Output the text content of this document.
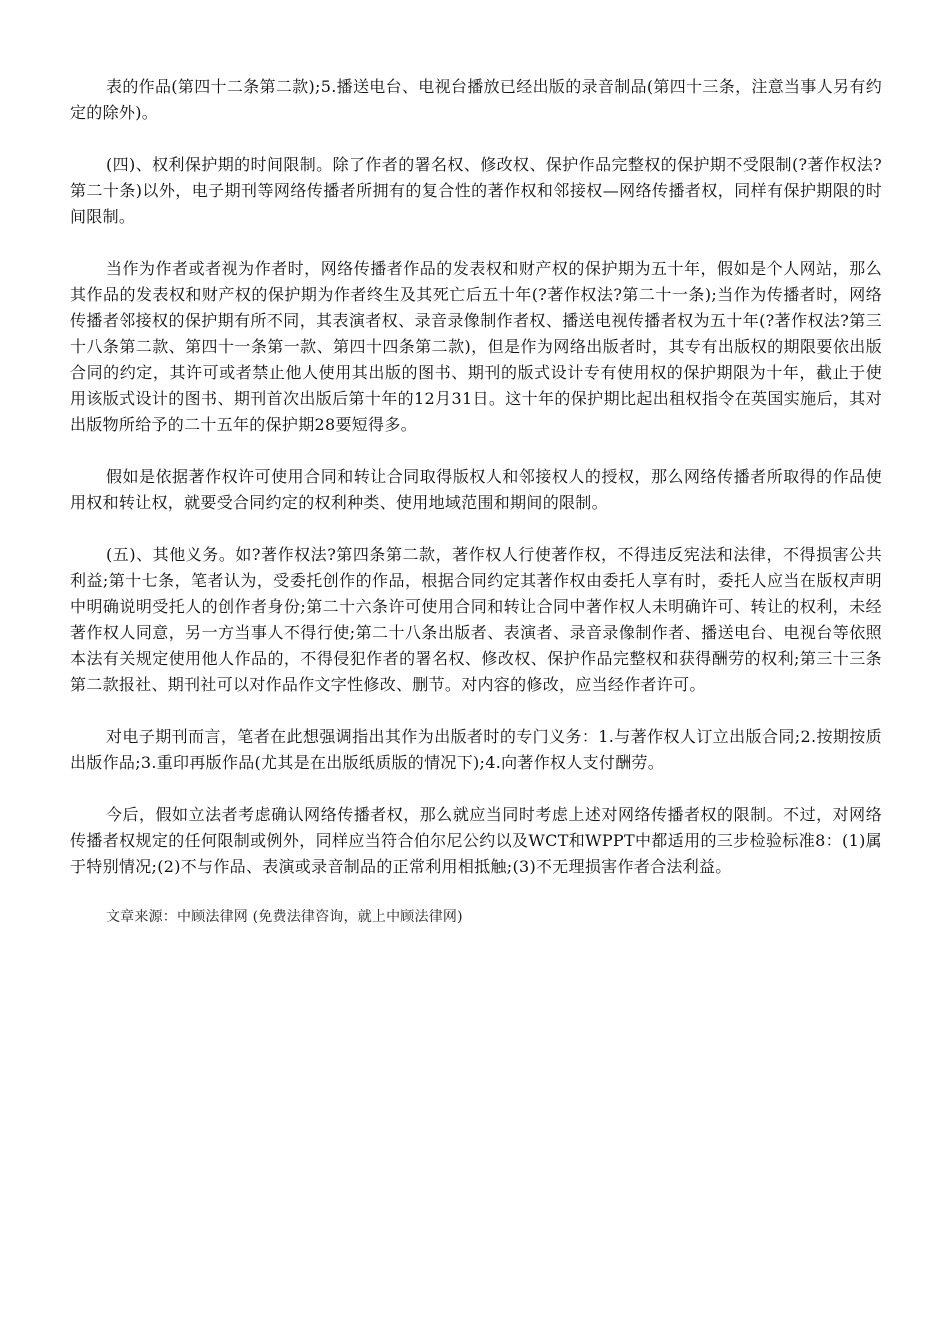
表的作品(第四十二条第二款);5.播送电台、电视台播放已经出版的录音制品(第四十三条，注意当事人另有约定的除外)。

(四)、权利保护期的时间限制。除了作者的署名权、修改权、保护作品完整权的保护期不受限制(?著作权法?第二十条)以外，电子期刊等网络传播者所拥有的复合性的著作权和邻接权—网络传播者权，同样有保护期限的时间限制。

当作为作者或者视为作者时，网络传播者作品的发表权和财产权的保护期为五十年，假如是个人网站，那么其作品的发表权和财产权的保护期为作者终生及其死亡后五十年(?著作权法?第二十一条);当作为传播者时，网络传播者邻接权的保护期有所不同，其表演者权、录音录像制作者权、播送电视传播者权为五十年(?著作权法?第三十八条第二款、第四十一条第一款、第四十四条第二款)，但是作为网络出版者时，其专有出版权的期限要依出版合同的约定，其许可或者禁止他人使用其出版的图书、期刊的版式设计专有使用权的保护期限为十年，截止于使用该版式设计的图书、期刊首次出版后第十年的12月31日。这十年的保护期比起出租权指令在英国实施后，其对出版物所给予的二十五年的保护期28要短得多。

假如是依据著作权许可使用合同和转让合同取得版权人和邻接权人的授权，那么网络传播者所取得的作品使用权和转让权，就要受合同约定的权利种类、使用地域范围和期间的限制。

(五)、其他义务。如?著作权法?第四条第二款，著作权人行使著作权，不得违反宪法和法律，不得损害公共利益;第十七条，笔者认为，受委托创作的作品，根据合同约定其著作权由委托人享有时，委托人应当在版权声明中明确说明受托人的创作者身份;第二十六条许可使用合同和转让合同中著作权人未明确许可、转让的权利，未经著作权人同意，另一方当事人不得行使;第二十八条出版者、表演者、录音录像制作者、播送电台、电视台等依照本法有关规定使用他人作品的，不得侵犯作者的署名权、修改权、保护作品完整权和获得酬劳的权利;第三十三条第二款报社、期刊社可以对作品作文字性修改、删节。对内容的修改，应当经作者许可。

对电子期刊而言，笔者在此想强调指出其作为出版者时的专门义务：1.与著作权人订立出版合同;2.按期按质出版作品;3.重印再版作品(尤其是在出版纸质版的情况下);4.向著作权人支付酬劳。

今后，假如立法者考虑确认网络传播者权，那么就应当同时考虑上述对网络传播者权的限制。不过，对网络传播者权规定的任何限制或例外，同样应当符合伯尔尼公约以及WCT和WPPT中都适用的三步检验标准8：(1)属于特别情况;(2)不与作品、表演或录音制品的正常利用相抵触;(3)不无理损害作者合法利益。

文章来源：中顾法律网 (免费法律咨询，就上中顾法律网)
